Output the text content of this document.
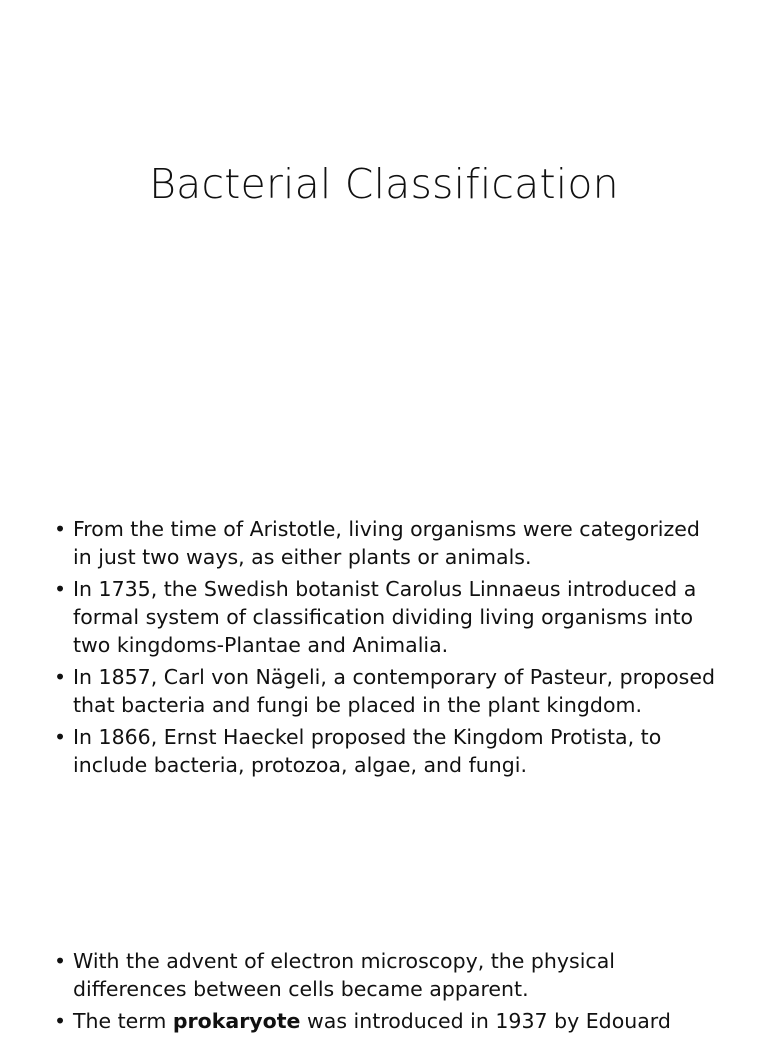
Bacterial Classification
• From the time of Aristotle, living organisms were categorized in just two ways, as either plants or animals.
• In 1735, the Swedish botanist Carolus Linnaeus introduced a formal system of classification dividing living organisms into two kingdoms-Plantae and Animalia.
• In 1857, Carl von Nägeli, a contemporary of Pasteur, proposed that bacteria and fungi be placed in the plant kingdom.
• In 1866, Ernst Haeckel proposed the Kingdom Protista, to include bacteria, protozoa, algae, and fungi.
• With the advent of electron microscopy, the physical differences between cells became apparent.
• The term prokaryote was introduced in 1937 by Edouard
